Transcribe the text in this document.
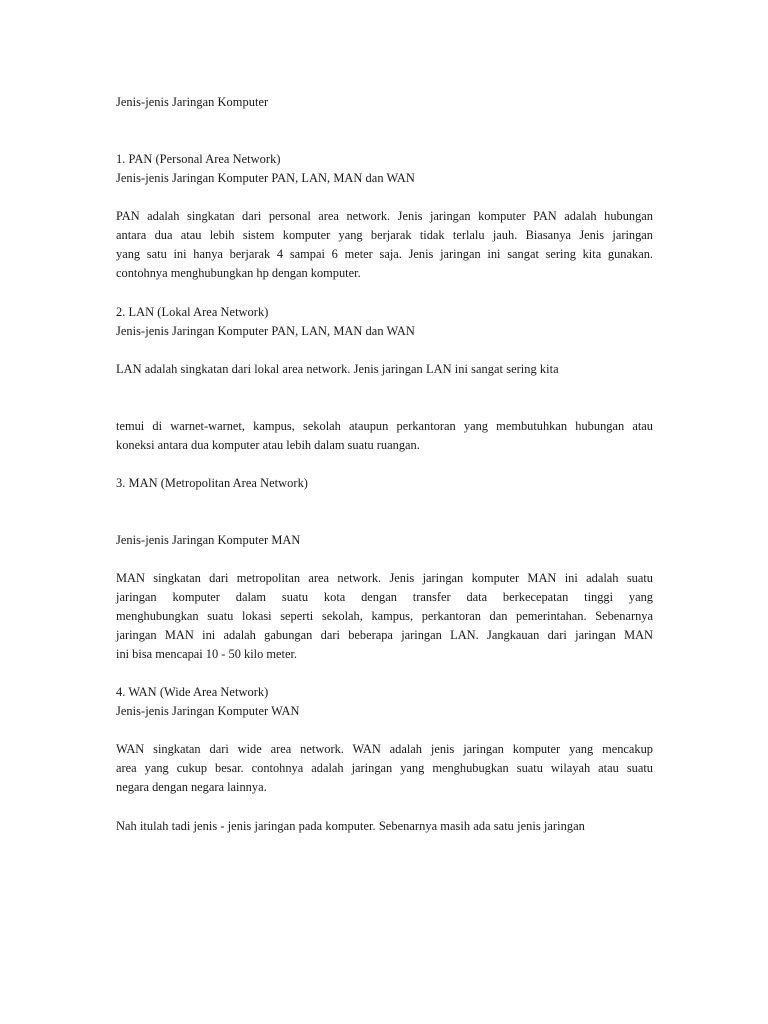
Jenis-jenis Jaringan Komputer
1. PAN (Personal Area Network)
Jenis-jenis Jaringan Komputer PAN, LAN, MAN dan WAN
PAN adalah singkatan dari personal area network. Jenis jaringan komputer PAN adalah hubungan
antara dua atau lebih sistem komputer yang berjarak tidak terlalu jauh. Biasanya Jenis jaringan
yang satu ini hanya berjarak 4 sampai 6 meter saja. Jenis jaringan ini sangat sering kita gunakan.
contohnya menghubungkan hp dengan komputer.
2. LAN (Lokal Area Network)
Jenis-jenis Jaringan Komputer PAN, LAN, MAN dan WAN
LAN adalah singkatan dari lokal area network. Jenis jaringan LAN ini sangat sering kita
temui di warnet-warnet, kampus, sekolah ataupun perkantoran yang membutuhkan hubungan atau
koneksi antara dua komputer atau lebih dalam suatu ruangan.
3. MAN (Metropolitan Area Network)
Jenis-jenis Jaringan Komputer MAN
MAN singkatan dari metropolitan area network. Jenis jaringan komputer MAN ini adalah suatu
jaringan komputer dalam suatu kota dengan transfer data berkecepatan tinggi yang
menghubungkan suatu lokasi seperti sekolah, kampus, perkantoran dan pemerintahan. Sebenarnya
jaringan MAN ini adalah gabungan dari beberapa jaringan LAN. Jangkauan dari jaringan MAN
ini bisa mencapai 10 - 50 kilo meter.
4. WAN (Wide Area Network)
Jenis-jenis Jaringan Komputer WAN
WAN singkatan dari wide area network. WAN adalah jenis jaringan komputer yang mencakup
area yang cukup besar. contohnya adalah jaringan yang menghubugkan suatu wilayah atau suatu
negara dengan negara lainnya.
Nah itulah tadi jenis - jenis jaringan pada komputer. Sebenarnya masih ada satu jenis jaringan
